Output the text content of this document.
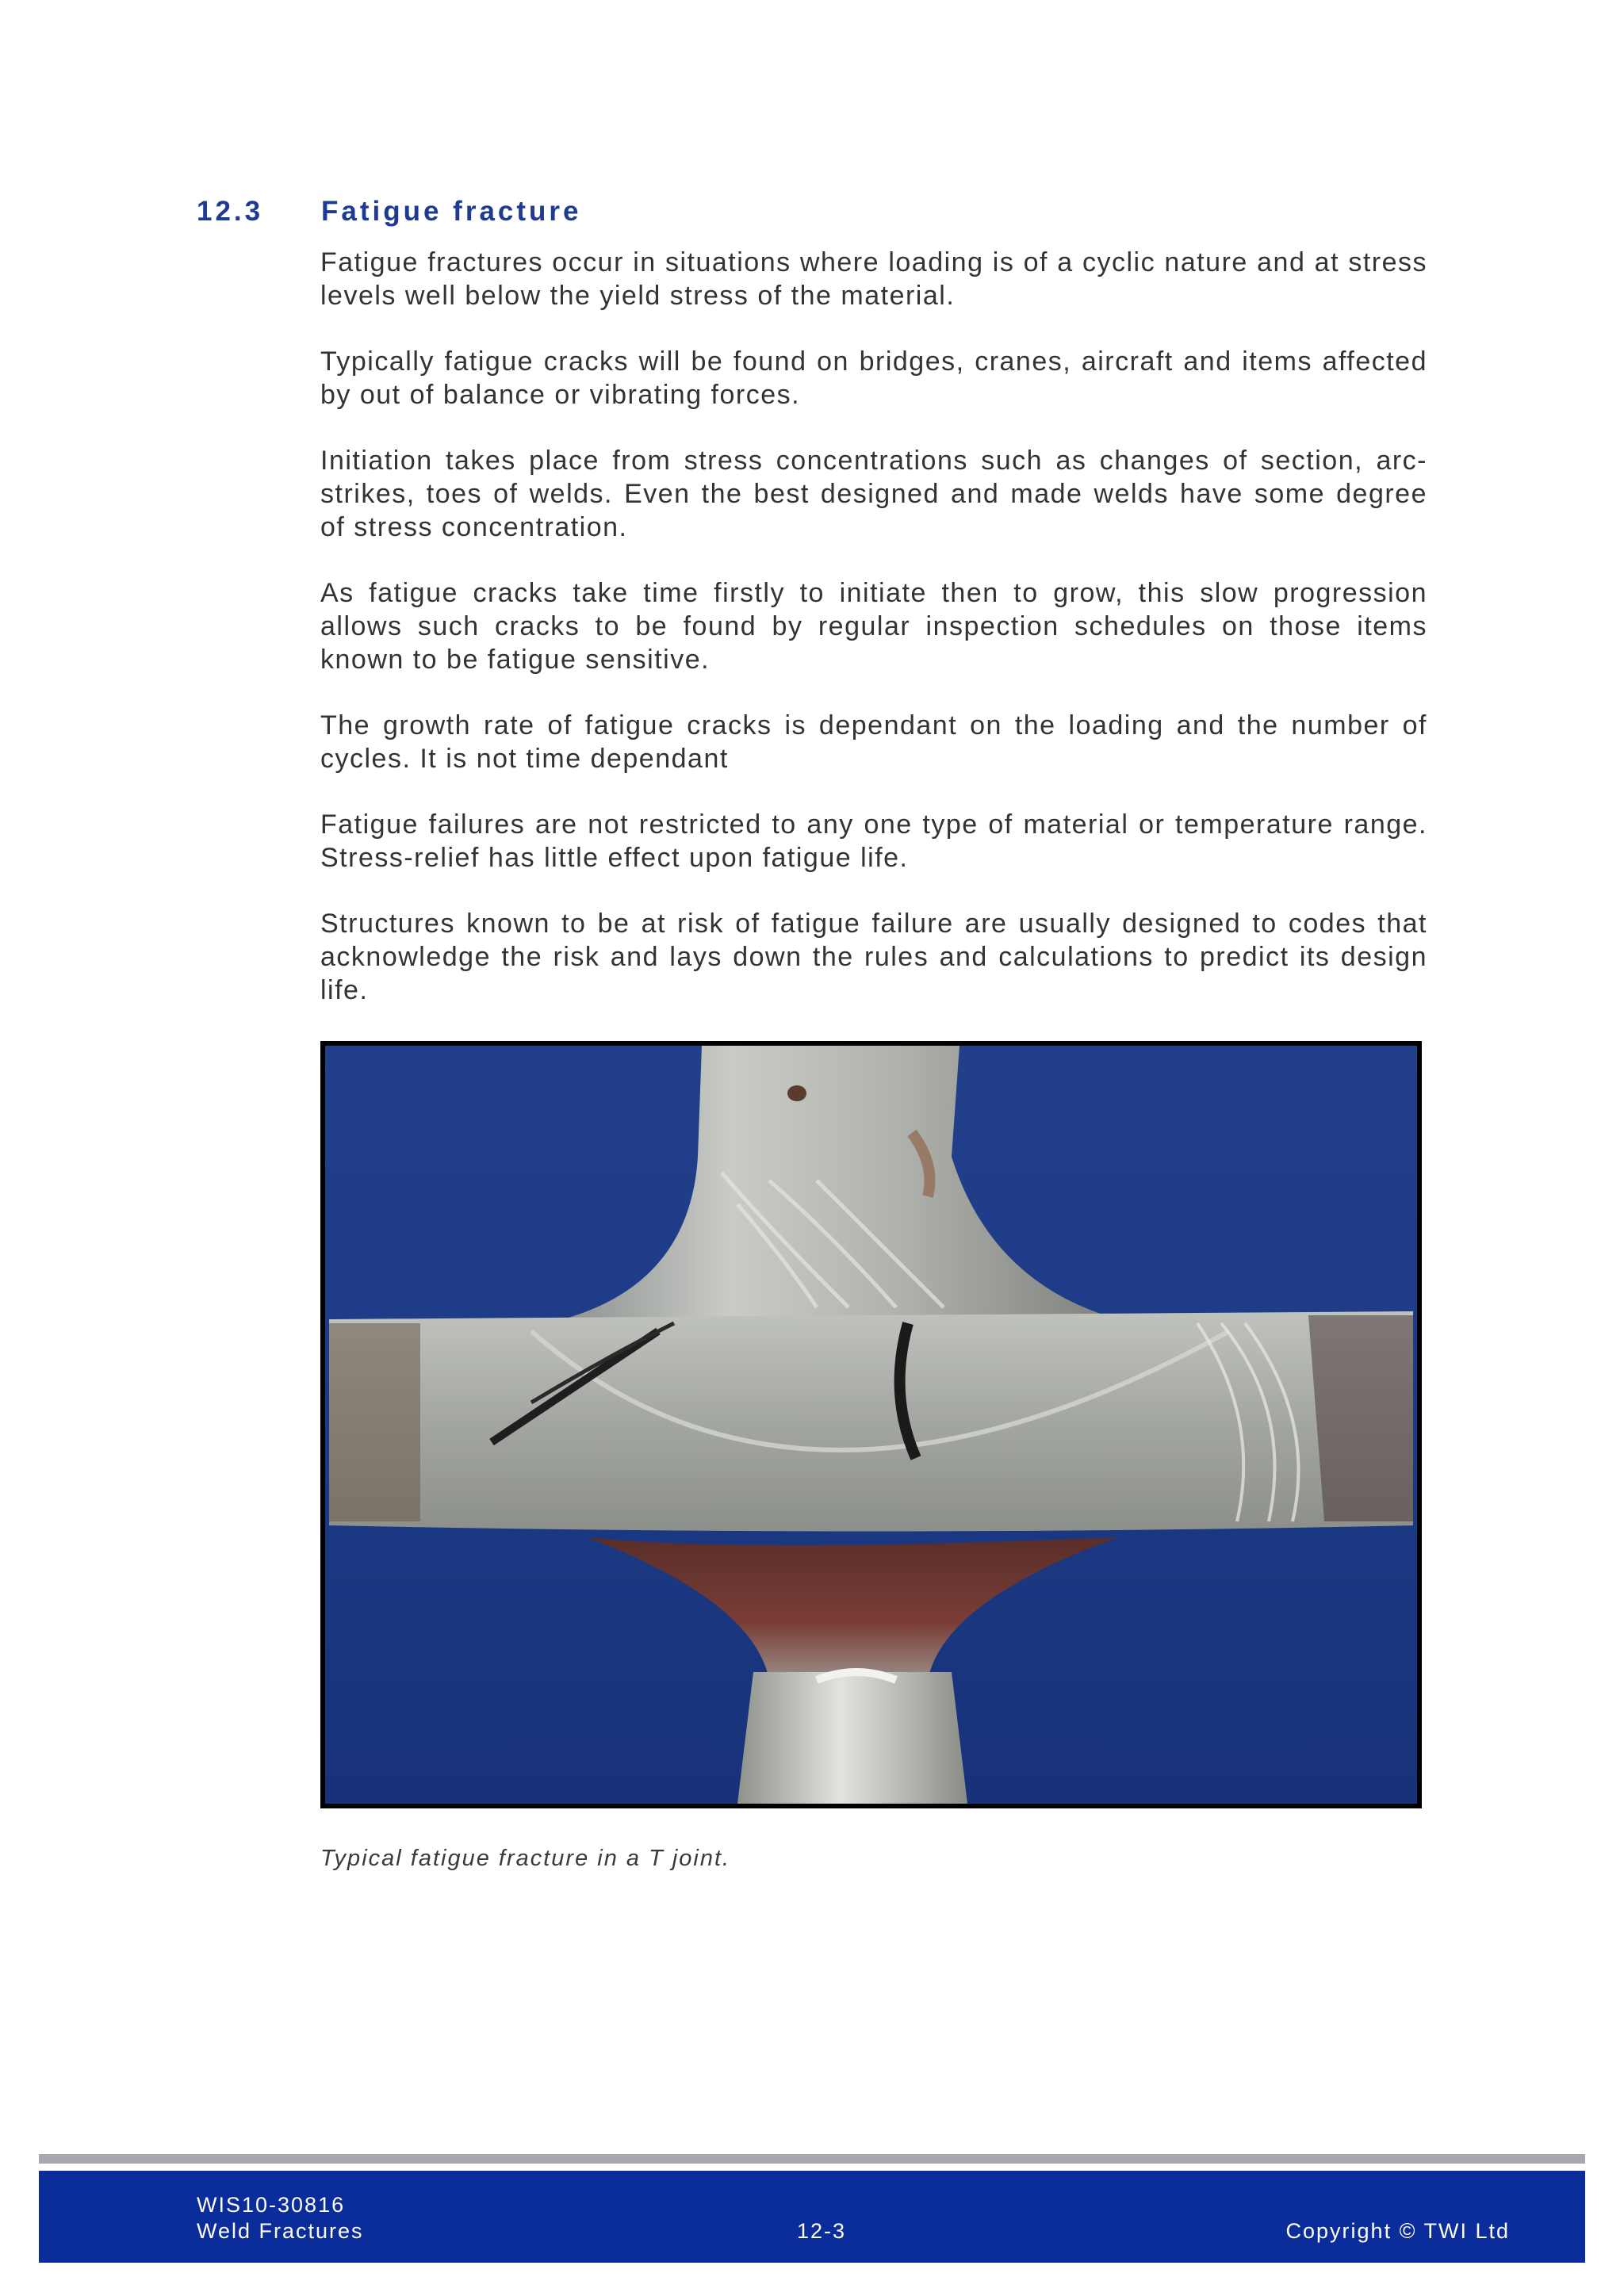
12.3 Fatigue fracture

Fatigue fractures occur in situations where loading is of a cyclic nature and at stress levels well below the yield stress of the material.

Typically fatigue cracks will be found on bridges, cranes, aircraft and items affected by out of balance or vibrating forces.

Initiation takes place from stress concentrations such as changes of section, arc- strikes, toes of welds. Even the best designed and made welds have some degree of stress concentration.

As fatigue cracks take time firstly to initiate then to grow, this slow progression allows such cracks to be found by regular inspection schedules on those items known to be fatigue sensitive.

The growth rate of fatigue cracks is dependant on the loading and the number of cycles. It is not time dependant

Fatigue failures are not restricted to any one type of material or temperature range. Stress-relief has little effect upon fatigue life.

Structures known to be at risk of fatigue failure are usually designed to codes that acknowledge the risk and lays down the rules and calculations to predict its design life.

Typical fatigue fracture in a T joint.
WIS10-30816
Weld Fractures	12-3	Copyright © TWI Ltd
